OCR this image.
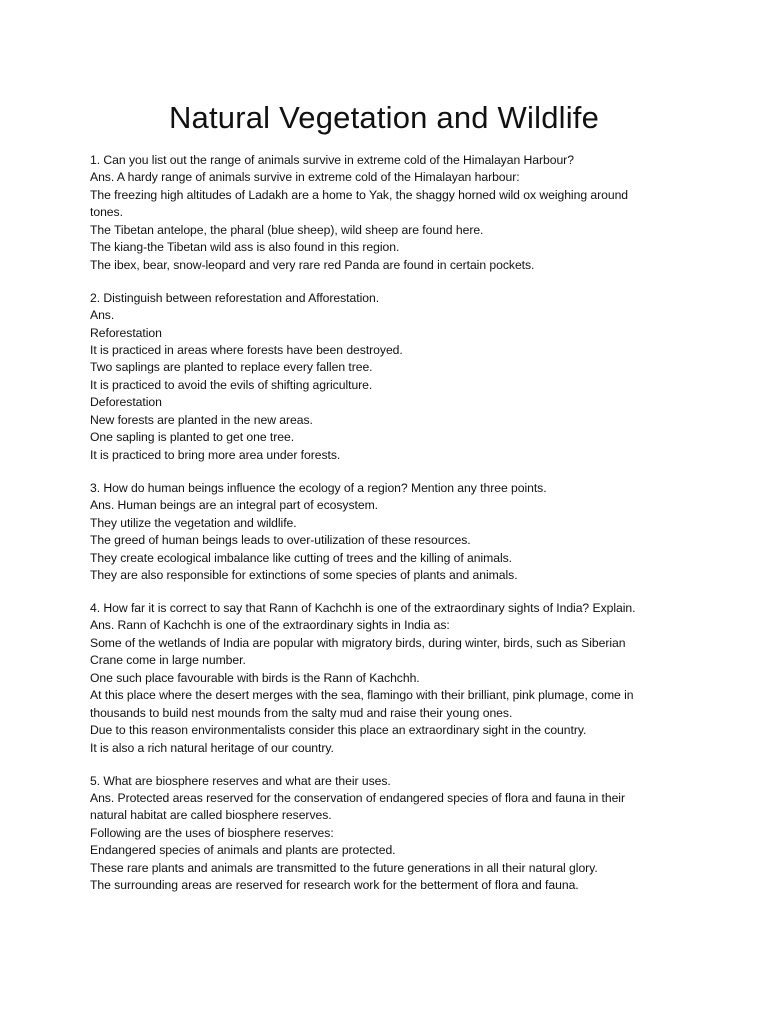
Natural Vegetation and Wildlife
1. Can you list out the range of animals survive in extreme cold of the Himalayan Harbour?
Ans. A hardy range of animals survive in extreme cold of the Himalayan harbour:
The freezing high altitudes of Ladakh are a home to Yak, the shaggy horned wild ox weighing around
tones.
The Tibetan antelope, the pharal (blue sheep), wild sheep are found here.
The kiang-the Tibetan wild ass is also found in this region.
The ibex, bear, snow-leopard and very rare red Panda are found in certain pockets.
2. Distinguish between reforestation and Afforestation.
Ans.
Reforestation
It is practiced in areas where forests have been destroyed.
Two saplings are planted to replace every fallen tree.
It is practiced to avoid the evils of shifting agriculture.
Deforestation
New forests are planted in the new areas.
One sapling is planted to get one tree.
It is practiced to bring more area under forests.
3. How do human beings influence the ecology of a region? Mention any three points.
Ans. Human beings are an integral part of ecosystem.
They utilize the vegetation and wildlife.
The greed of human beings leads to over-utilization of these resources.
They create ecological imbalance like cutting of trees and the killing of animals.
They are also responsible for extinctions of some species of plants and animals.
4. How far it is correct to say that Rann of Kachchh is one of the extraordinary sights of India? Explain.
Ans. Rann of Kachchh is one of the extraordinary sights in India as:
Some of the wetlands of India are popular with migratory birds, during winter, birds, such as Siberian
Crane come in large number.
One such place favourable with birds is the Rann of Kachchh.
At this place where the desert merges with the sea, flamingo with their brilliant, pink plumage, come in
thousands to build nest mounds from the salty mud and raise their young ones.
Due to this reason environmentalists consider this place an extraordinary sight in the country.
It is also a rich natural heritage of our country.
5. What are biosphere reserves and what are their uses.
Ans. Protected areas reserved for the conservation of endangered species of flora and fauna in their
natural habitat are called biosphere reserves.
Following are the uses of biosphere reserves:
Endangered species of animals and plants are protected.
These rare plants and animals are transmitted to the future generations in all their natural glory.
The surrounding areas are reserved for research work for the betterment of flora and fauna.
